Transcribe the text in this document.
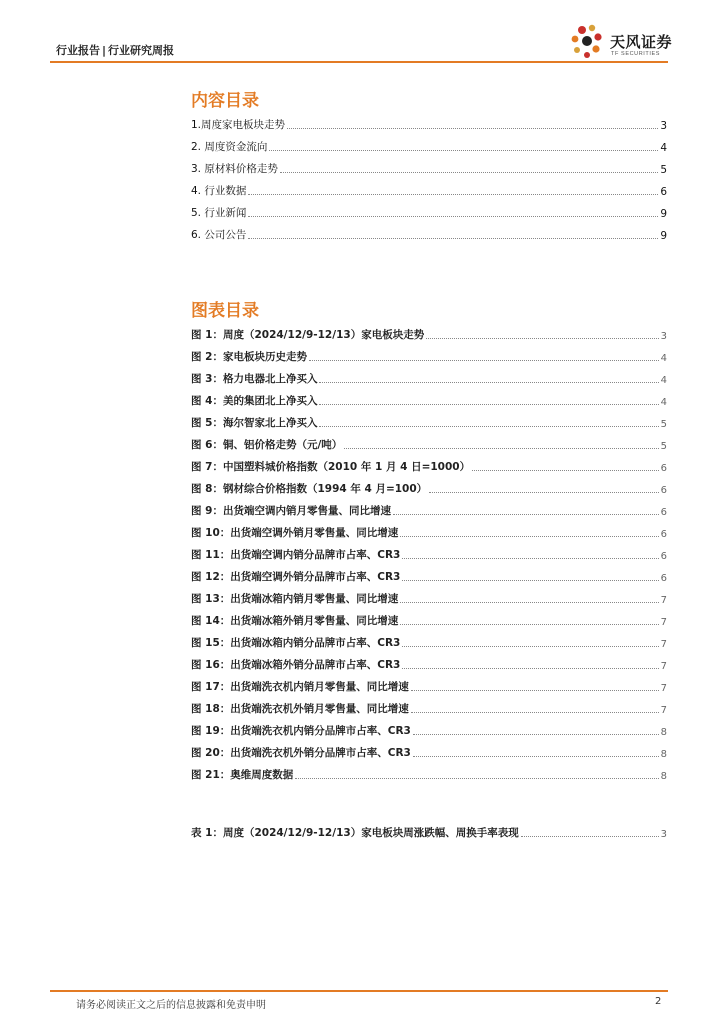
行业报告 | 行业研究周报	天风证券
TF SECURITIES
内容目录
1.周度家电板块走势	3
2. 周度资金流向	4
3. 原材料价格走势	5
4. 行业数据	6
5. 行业新闻	9
6. 公司公告	9
图表目录
图 1：周度（2024/12/9-12/13）家电板块走势	3
图 2：家电板块历史走势	4
图 3：格力电器北上净买入	4
图 4：美的集团北上净买入	4
图 5：海尔智家北上净买入	5
图 6：铜、铝价格走势（元/吨）	5
图 7：中国塑料城价格指数（2010 年 1 月 4 日=1000）	6
图 8：钢材综合价格指数（1994 年 4 月=100）	6
图 9：出货端空调内销月零售量、同比增速	6
图 10：出货端空调外销月零售量、同比增速	6
图 11：出货端空调内销分品牌市占率、CR3	6
图 12：出货端空调外销分品牌市占率、CR3	6
图 13：出货端冰箱内销月零售量、同比增速	7
图 14：出货端冰箱外销月零售量、同比增速	7
图 15：出货端冰箱内销分品牌市占率、CR3	7
图 16：出货端冰箱外销分品牌市占率、CR3	7
图 17：出货端洗衣机内销月零售量、同比增速	7
图 18：出货端洗衣机外销月零售量、同比增速	7
图 19：出货端洗衣机内销分品牌市占率、CR3	8
图 20：出货端洗衣机外销分品牌市占率、CR3	8
图 21：奥维周度数据	8
表 1：周度（2024/12/9-12/13）家电板块周涨跌幅、周换手率表现	3
请务必阅读正文之后的信息披露和免责申明	2
